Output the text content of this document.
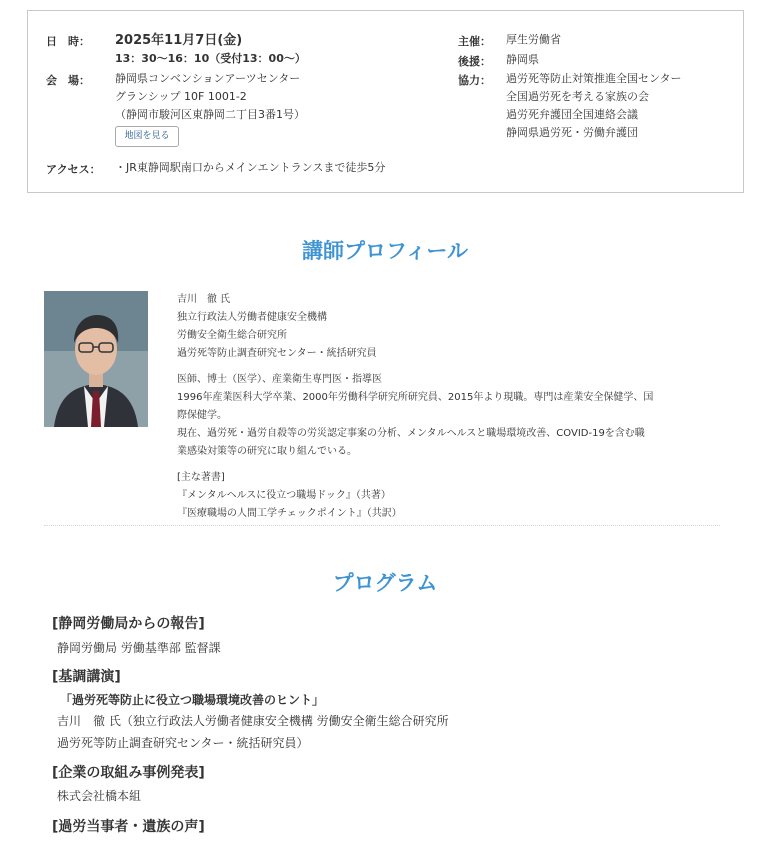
日　時： 2025年11月7日(金)
13：30〜16：10（受付13：00〜）
会　場： 静岡県コンベンションアーツセンター
グランシップ 10F 1001-2
（静岡市駿河区東静岡二丁目3番1号）
地図を見る
アクセス： ・JR東静岡駅南口からメインエントランスまで徒歩5分
主催： 厚生労働省
後援： 静岡県
協力： 過労死等防止対策推進全国センター
全国過労死を考える家族の会
過労死弁護団全国連絡会議
静岡県過労死・労働弁護団
講師プロフィール
吉川　徹 氏
独立行政法人労働者健康安全機構
労働安全衛生総合研究所
過労死等防止調査研究センター・統括研究員
医師、博士（医学）、産業衛生専門医・指導医
1996年産業医科大学卒業、2000年労働科学研究所研究員、2015年より現職。専門は産業安全保健学、国
際保健学。
現在、過労死・過労自殺等の労災認定事案の分析、メンタルヘルスと職場環境改善、COVID-19を含む職
業感染対策等の研究に取り組んでいる。
[主な著書]
『メンタルヘルスに役立つ職場ドック』（共著）
『医療職場の人間工学チェックポイント』（共訳）
プログラム
[静岡労働局からの報告]
静岡労働局 労働基準部 監督課
[基調講演]
「過労死等防止に役立つ職場環境改善のヒント」
吉川　徹 氏（独立行政法人労働者健康安全機構 労働安全衛生総合研究所
過労死等防止調査研究センター・統括研究員）
[企業の取組み事例発表]
株式会社橋本組
[過労当事者・遺族の声]
